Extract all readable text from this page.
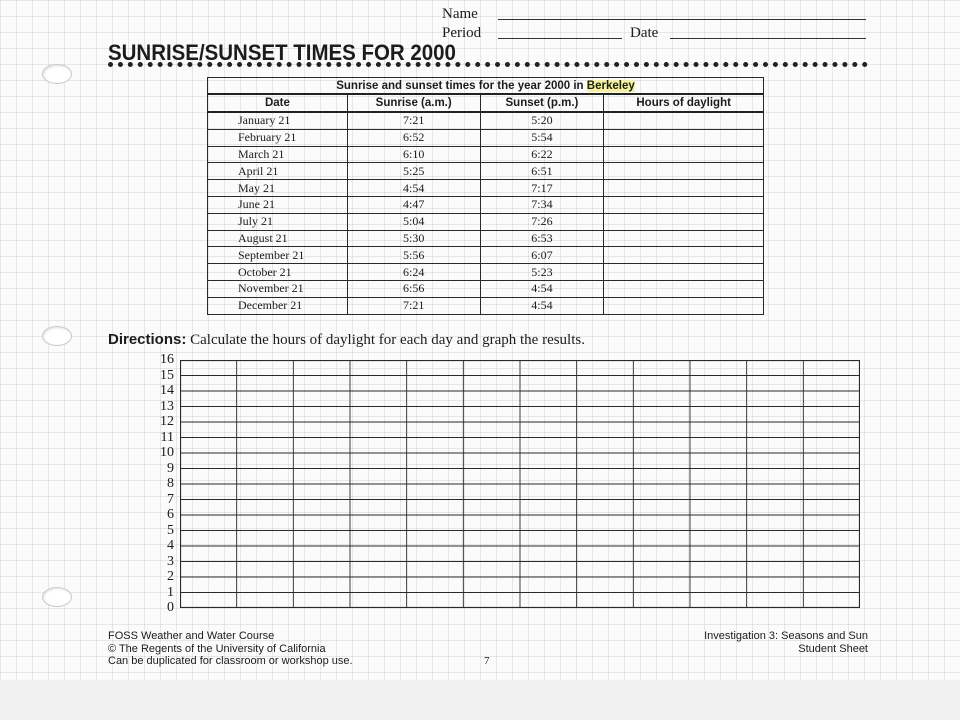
Name
Period	Date
SUNRISE/SUNSET TIMES FOR 2000
Sunrise and sunset times for the year 2000 in Berkeley			
Date	Sunrise (a.m.)	Sunset (p.m.)	Hours of daylight
January 21	7:21	5:20	
February 21	6:52	5:54	
March 21	6:10	6:22	
April 21	5:25	6:51	
May 21	4:54	7:17	
June 21	4:47	7:34	
July 21	5:04	7:26	
August 21	5:30	6:53	
September 21	5:56	6:07	
October 21	6:24	5:23	
November 21	6:56	4:54	
December 21	7:21	4:54	
Directions: Calculate the hours of daylight for each day and graph the results.
16
15
14
13
12
11
10
9
8
7
6
5
4
3
2
1
0
FOSS Weather and Water Course
© The Regents of the University of California
Can be duplicated for classroom or workshop use.	7
Investigation 3: Seasons and Sun
Student Sheet
